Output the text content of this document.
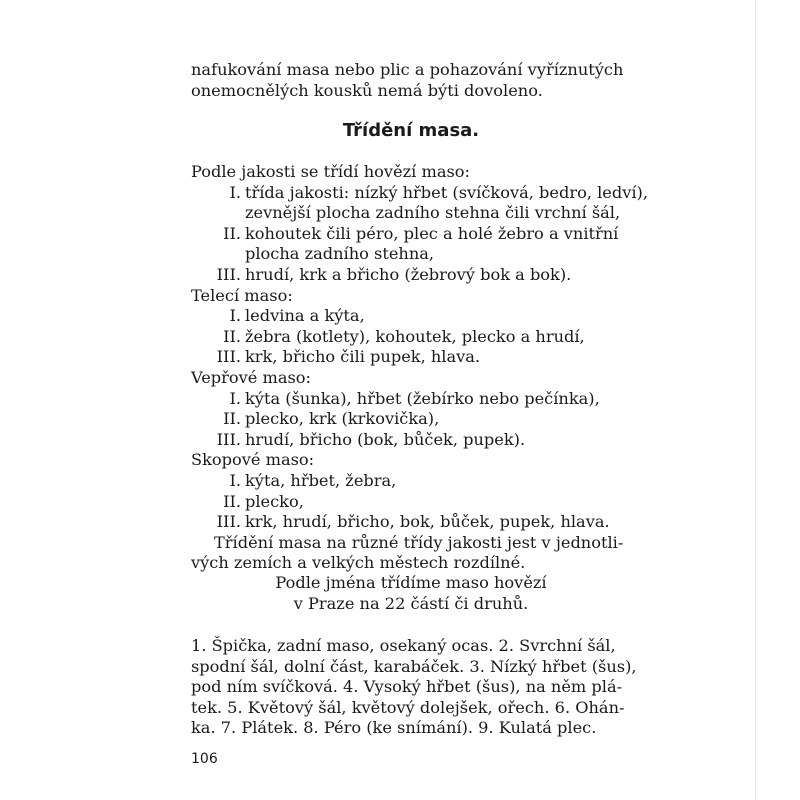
nafukování masa nebo plic a pohazování vyříznutých
onemocnělých kousků nemá býti dovoleno.
Třídění masa.
Podle jakosti se třídí hovězí maso:
I. třída jakosti: nízký hřbet (svíčková, bedro, ledví),
zevnější plocha zadního stehna čili vrchní šál,
II. kohoutek čili péro, plec a holé žebro a vnitřní
plocha zadního stehna,
III. hrudí, krk a břicho (žebrový bok a bok).
Telecí maso:
I. ledvina a kýta,
II. žebra (kotlety), kohoutek, plecko a hrudí,
III. krk, břicho čili pupek, hlava.
Vepřové maso:
I. kýta (šunka), hřbet (žebírko nebo pečínka),
II. plecko, krk (krkovička),
III. hrudí, břicho (bok, bůček, pupek).
Skopové maso:
I. kýta, hřbet, žebra,
II. plecko,
III. krk, hrudí, břicho, bok, bůček, pupek, hlava.
Třídění masa na různé třídy jakosti jest v jednotli-
vých zemích a velkých městech rozdílné.
Podle jména třídíme maso hovězí
v Praze na 22 částí či druhů.
1. Špička, zadní maso, osekaný ocas. 2. Svrchní šál,
spodní šál, dolní část, karabáček. 3. Nízký hřbet (šus),
pod ním svíčková. 4. Vysoký hřbet (šus), na něm plá-
tek. 5. Květový šál, květový dolejšek, ořech. 6. Ohán-
ka. 7. Plátek. 8. Péro (ke snímání). 9. Kulatá plec.
106
